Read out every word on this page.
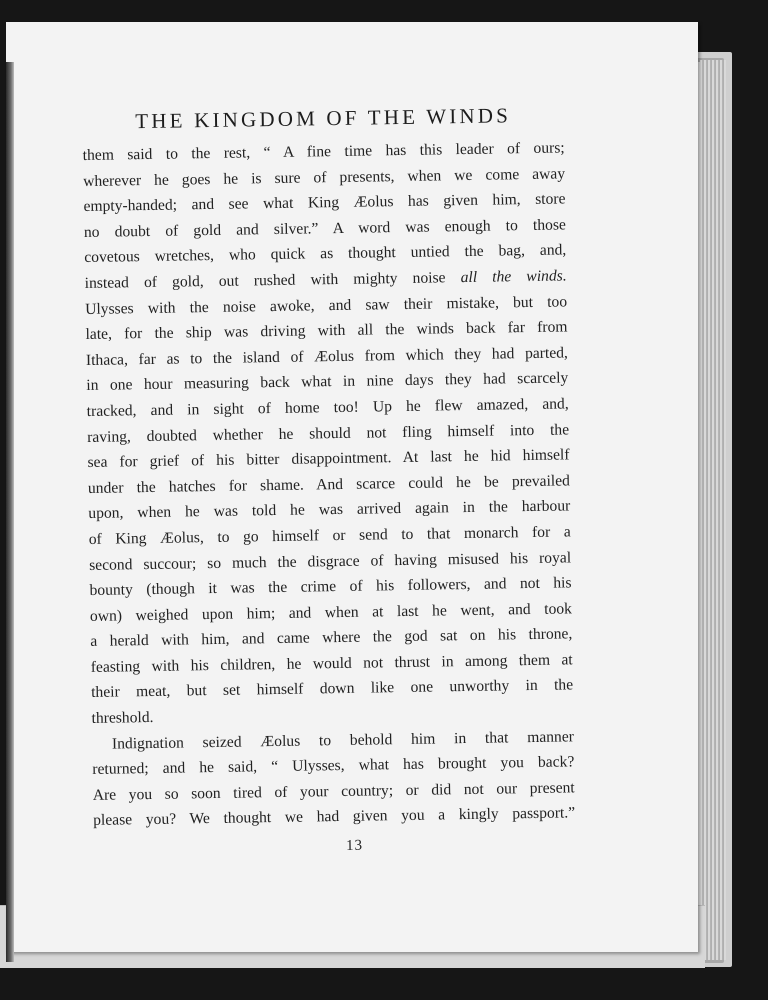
THE KINGDOM OF THE WINDS
them said to the rest, “ A fine time has this leader of ours;
wherever he goes he is sure of presents, when we come away
empty-handed; and see what King Æolus has given him, store
no doubt of gold and silver.” A word was enough to those
covetous wretches, who quick as thought untied the bag, and,
instead of gold, out rushed with mighty noise all the winds.
Ulysses with the noise awoke, and saw their mistake, but too
late, for the ship was driving with all the winds back far from
Ithaca, far as to the island of Æolus from which they had parted,
in one hour measuring back what in nine days they had scarcely
tracked, and in sight of home too! Up he flew amazed, and,
raving, doubted whether he should not fling himself into the
sea for grief of his bitter disappointment. At last he hid himself
under the hatches for shame. And scarce could he be prevailed
upon, when he was told he was arrived again in the harbour
of King Æolus, to go himself or send to that monarch for a
second succour; so much the disgrace of having misused his royal
bounty (though it was the crime of his followers, and not his
own) weighed upon him; and when at last he went, and took
a herald with him, and came where the god sat on his throne,
feasting with his children, he would not thrust in among them at
their meat, but set himself down like one unworthy in the
threshold.
Indignation seized Æolus to behold him in that manner
returned; and he said, “ Ulysses, what has brought you back?
Are you so soon tired of your country; or did not our present
please you? We thought we had given you a kingly passport.”
13
